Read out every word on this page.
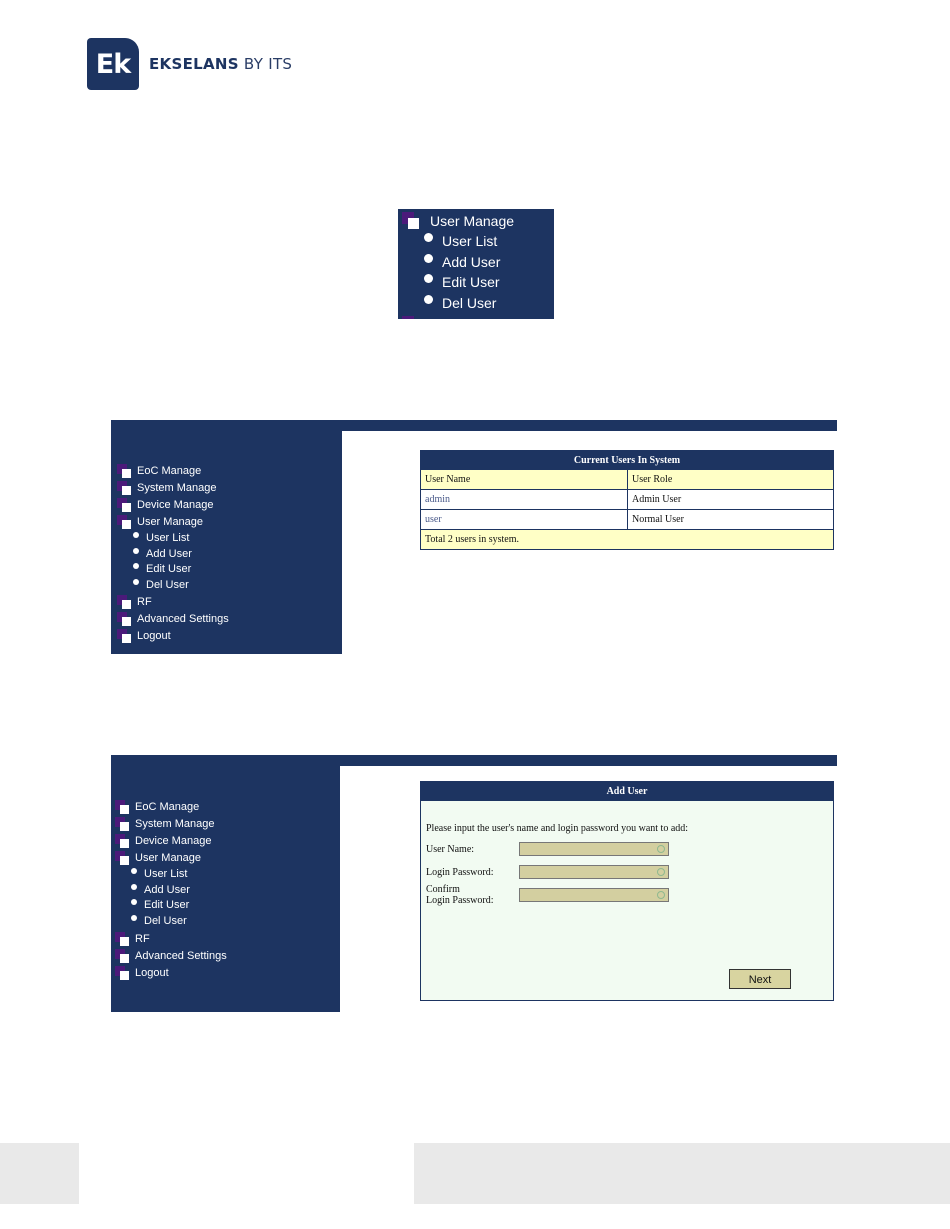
Ek	EKSELANS BY ITS
User Manage
User List
Add User
Edit User
Del User
EoC Manage
System Manage
Device Manage
User Manage
User List
Add User
Edit User
Del User
RF
Advanced Settings
Logout
Current Users In System	
User Name	User Role
admin	Admin User
user	Normal User
Total 2 users in system.	
EoC Manage
System Manage
Device Manage
User Manage
User List
Add User
Edit User
Del User
RF
Advanced Settings
Logout
Add User
Please input the user's name and login password you want to add:
User Name:
Login Password:
Confirm
Login Password:
Next
